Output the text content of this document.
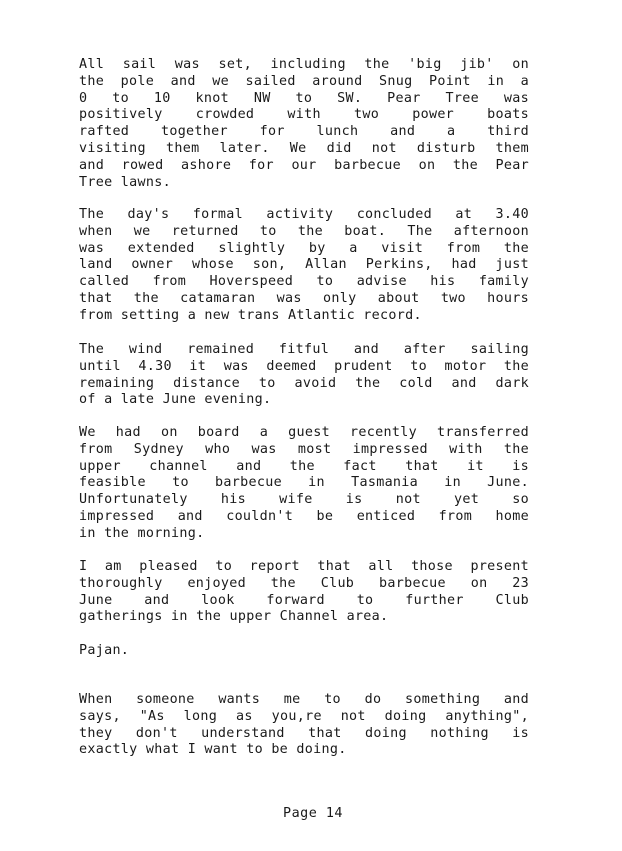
All sail was set, including the 'big jib' on
the pole and we sailed around Snug Point in a
0 to 10 knot NW to SW. Pear Tree was
positively crowded with two power boats
rafted together for lunch and a third
visiting them later. We did not disturb them
and rowed ashore for our barbecue on the Pear
Tree lawns.
The day's formal activity concluded at 3.40
when we returned to the boat. The afternoon
was extended slightly by a visit from the
land owner whose son, Allan Perkins, had just
called from Hoverspeed to advise his family
that the catamaran was only about two hours
from setting a new trans Atlantic record.
The wind remained fitful and after sailing
until 4.30 it was deemed prudent to motor the
remaining distance to avoid the cold and dark
of a late June evening.
We had on board a guest recently transferred
from Sydney who was most impressed with the
upper channel and the fact that it is
feasible to barbecue in Tasmania in June.
Unfortunately his wife is not yet so
impressed and couldn't be enticed from home
in the morning.
I am pleased to report that all those present
thoroughly enjoyed the Club barbecue on 23
June and look forward to further Club
gatherings in the upper Channel area.
Pajan.
When someone wants me to do something and
says, "As long as you,re not doing anything",
they don't understand that doing nothing is
exactly what I want to be doing.
Page 14
